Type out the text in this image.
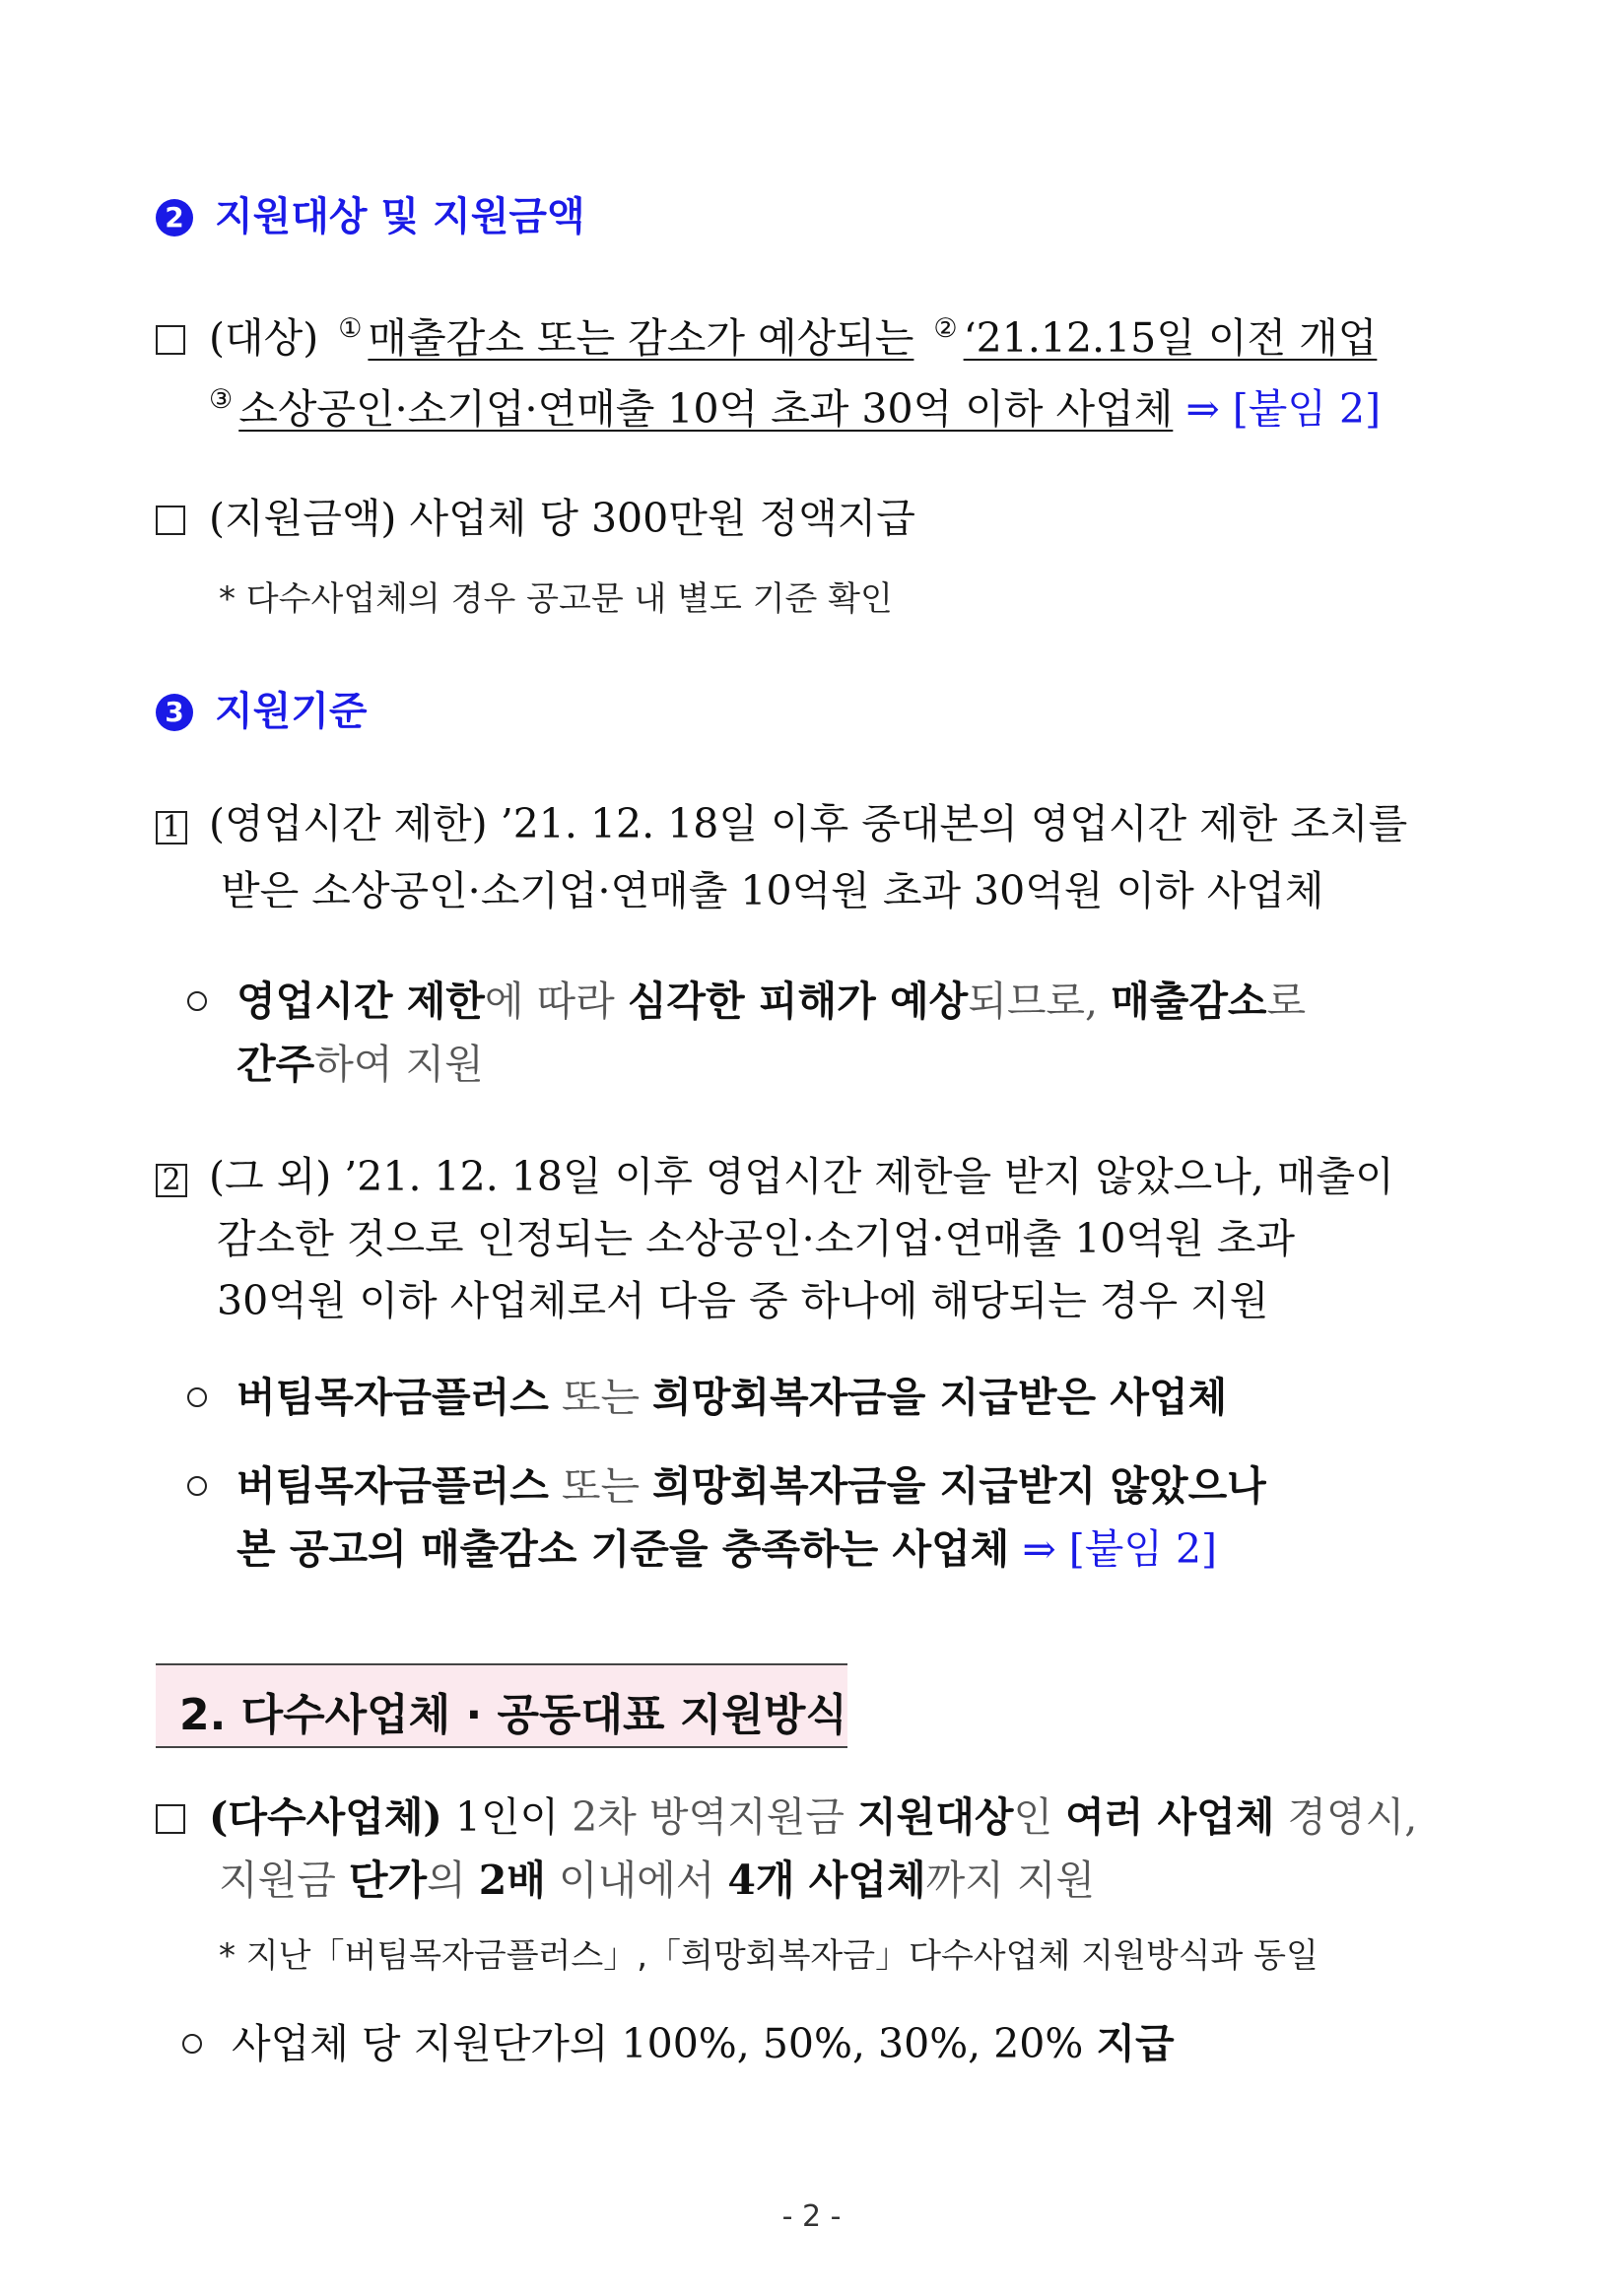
2 지원대상 및 지원금액
(대상) ① 매출감소 또는 감소가 예상되는 ② ‘21.12.15일 이전 개업
③ 소상공인·소기업·연매출 10억 초과 30억 이하 사업체 ⇒ [붙임 2]
(지원금액) 사업체 당 300만원 정액지급
* 다수사업체의 경우 공고문 내 별도 기준 확인
3 지원기준
1 (영업시간 제한) ’21. 12. 18일 이후 중대본의 영업시간 제한 조치를
받은 소상공인·소기업·연매출 10억원 초과 30억원 이하 사업체
영업시간 제한에 따라 심각한 피해가 예상되므로, 매출감소로
간주하여 지원
2 (그 외) ’21. 12. 18일 이후 영업시간 제한을 받지 않았으나, 매출이
감소한 것으로 인정되는 소상공인·소기업·연매출 10억원 초과
30억원 이하 사업체로서 다음 중 하나에 해당되는 경우 지원
버팀목자금플러스 또는 희망회복자금을 지급받은 사업체
버팀목자금플러스 또는 희망회복자금을 지급받지 않았으나
본 공고의 매출감소 기준을 충족하는 사업체 ⇒ [붙임 2]
2. 다수사업체 · 공동대표 지원방식
(다수사업체) 1인이 2차 방역지원금 지원대상인 여러 사업체 경영시,
지원금 단가의 2배 이내에서 4개 사업체까지 지원
* 지난「버팀목자금플러스」,「희망회복자금」다수사업체 지원방식과 동일
사업체 당 지원단가의 100%, 50%, 30%, 20% 지급
- 2 -
